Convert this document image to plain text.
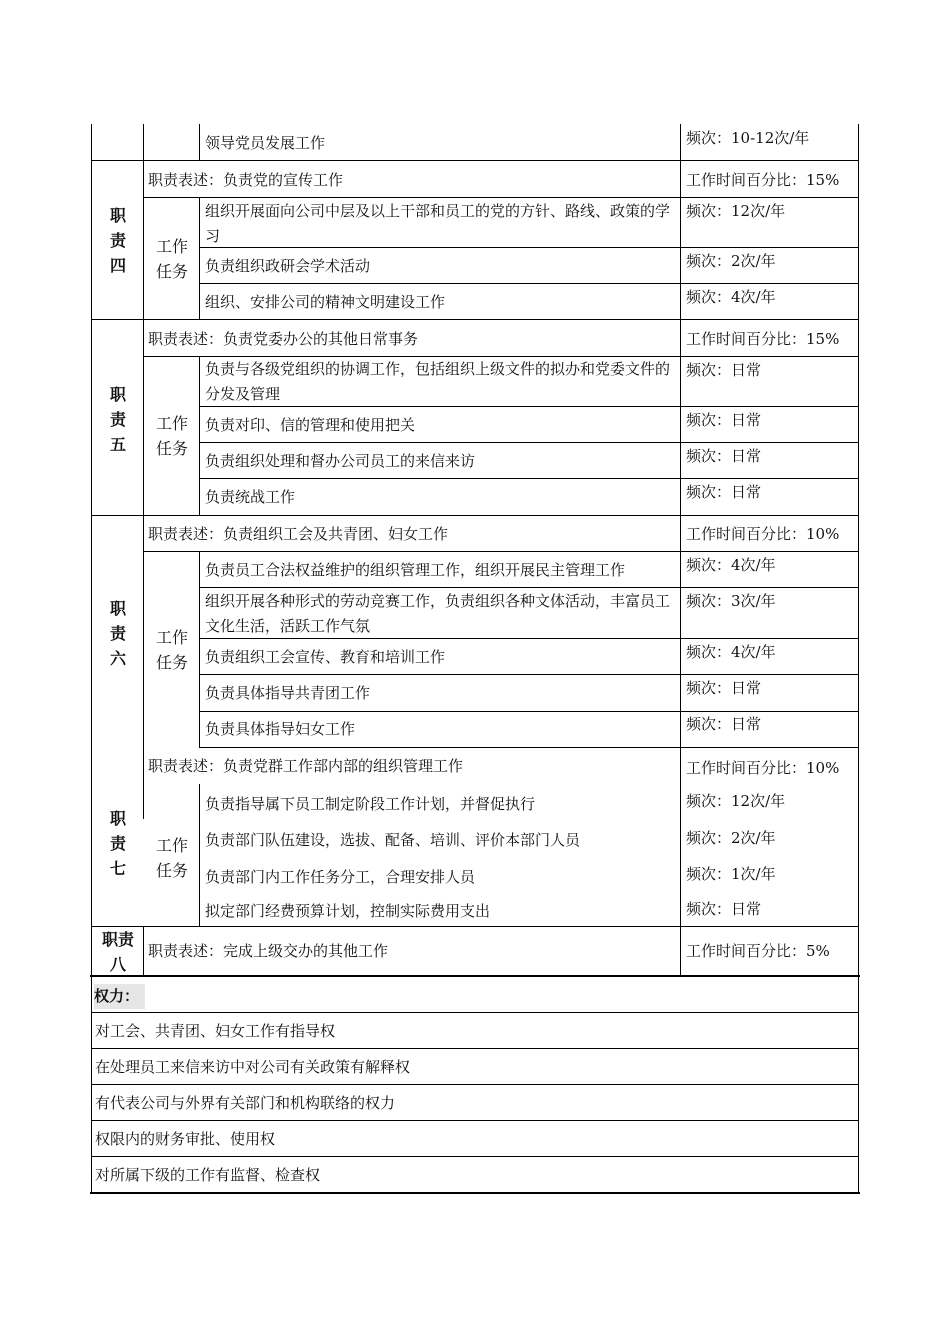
领导党员发展工作	频次：10-12次/年
职
责
四
职责表述：负责党的宣传工作	工作时间百分比：15%
工作
任务
组织开展面向公司中层及以上干部和员工的党的方针、路线、政策的学习
频次：12次/年
负责组织政研会学术活动	频次：2次/年
组织、安排公司的精神文明建设工作	频次：4次/年
职
责
五
职责表述：负责党委办公的其他日常事务	工作时间百分比：15%
工作
任务
负责与各级党组织的协调工作，包括组织上级文件的拟办和党委文件的分发及管理
频次：日常
负责对印、信的管理和使用把关	频次：日常
负责组织处理和督办公司员工的来信来访	频次：日常
负责统战工作	频次：日常
职
责
六
职责表述：负责组织工会及共青团、妇女工作	工作时间百分比：10%
工作
任务
负责员工合法权益维护的组织管理工作，组织开展民主管理工作	频次：4次/年
组织开展各种形式的劳动竞赛工作，负责组织各种文体活动，丰富员工文化生活，活跃工作气氛
频次：3次/年
负责组织工会宣传、教育和培训工作	频次：4次/年
负责具体指导共青团工作	频次：日常
负责具体指导妇女工作	频次：日常
职
责
七
职责表述：负责党群工作部内部的组织管理工作	工作时间百分比：10%
工作
任务
负责指导属下员工制定阶段工作计划，并督促执行	频次：12次/年
负责部门队伍建设，选拔、配备、培训、评价本部门人员	频次：2次/年
负责部门内工作任务分工，合理安排人员	频次：1次/年
拟定部门经费预算计划，控制实际费用支出	频次：日常
职责
八
职责表述：完成上级交办的其他工作	工作时间百分比：5%
权力：
对工会、共青团、妇女工作有指导权
在处理员工来信来访中对公司有关政策有解释权
有代表公司与外界有关部门和机构联络的权力
权限内的财务审批、使用权
对所属下级的工作有监督、检查权
